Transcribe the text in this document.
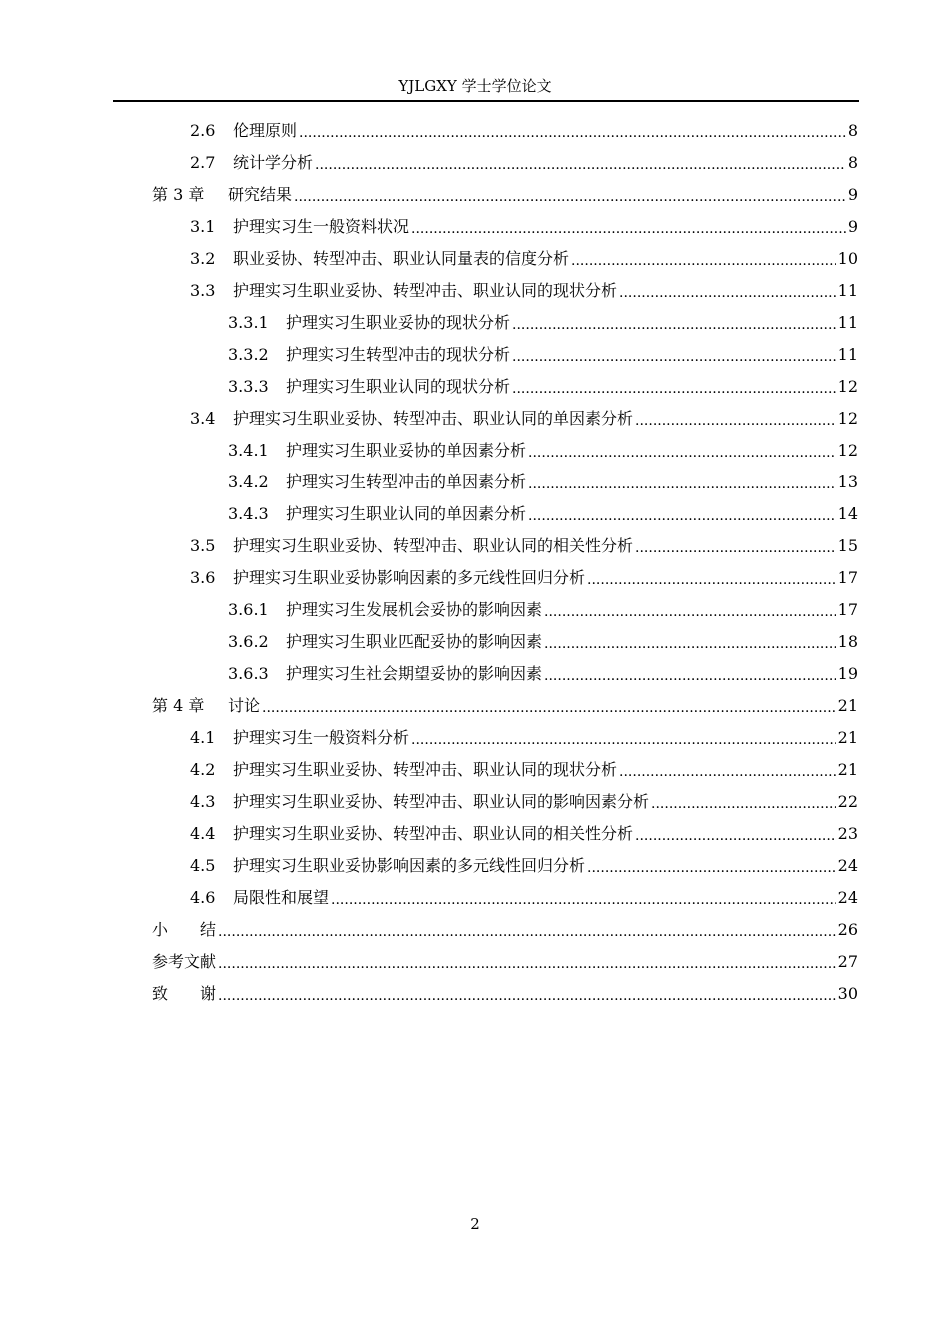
YJLGXY 学士学位论文
2.6	伦理原则 .....	8
2.7	统计学分析 .....	8
第 3 章	研究结果 .....	9
3.1	护理实习生一般资料状况 .....	9
3.2	职业妥协、转型冲击、职业认同量表的信度分析 .....	10
3.3	护理实习生职业妥协、转型冲击、职业认同的现状分析 .....	11
3.3.1	护理实习生职业妥协的现状分析 .....	11
3.3.2	护理实习生转型冲击的现状分析 .....	11
3.3.3	护理实习生职业认同的现状分析 .....	12
3.4	护理实习生职业妥协、转型冲击、职业认同的单因素分析 .....	12
3.4.1	护理实习生职业妥协的单因素分析 .....	12
3.4.2	护理实习生转型冲击的单因素分析 .....	13
3.4.3	护理实习生职业认同的单因素分析 .....	14
3.5	护理实习生职业妥协、转型冲击、职业认同的相关性分析 .....	15
3.6	护理实习生职业妥协影响因素的多元线性回归分析 .....	17
3.6.1	护理实习生发展机会妥协的影响因素 .....	17
3.6.2	护理实习生职业匹配妥协的影响因素 .....	18
3.6.3	护理实习生社会期望妥协的影响因素 .....	19
第 4 章	讨论 .....	21
4.1	护理实习生一般资料分析 .....	21
4.2	护理实习生职业妥协、转型冲击、职业认同的现状分析 .....	21
4.3	护理实习生职业妥协、转型冲击、职业认同的影响因素分析 .....	22
4.4	护理实习生职业妥协、转型冲击、职业认同的相关性分析 .....	23
4.5	护理实习生职业妥协影响因素的多元线性回归分析 .....	24
4.6	局限性和展望 .....	24
小　　结 .....	26
参考文献 .....	27
致　　谢 .....	30
2
